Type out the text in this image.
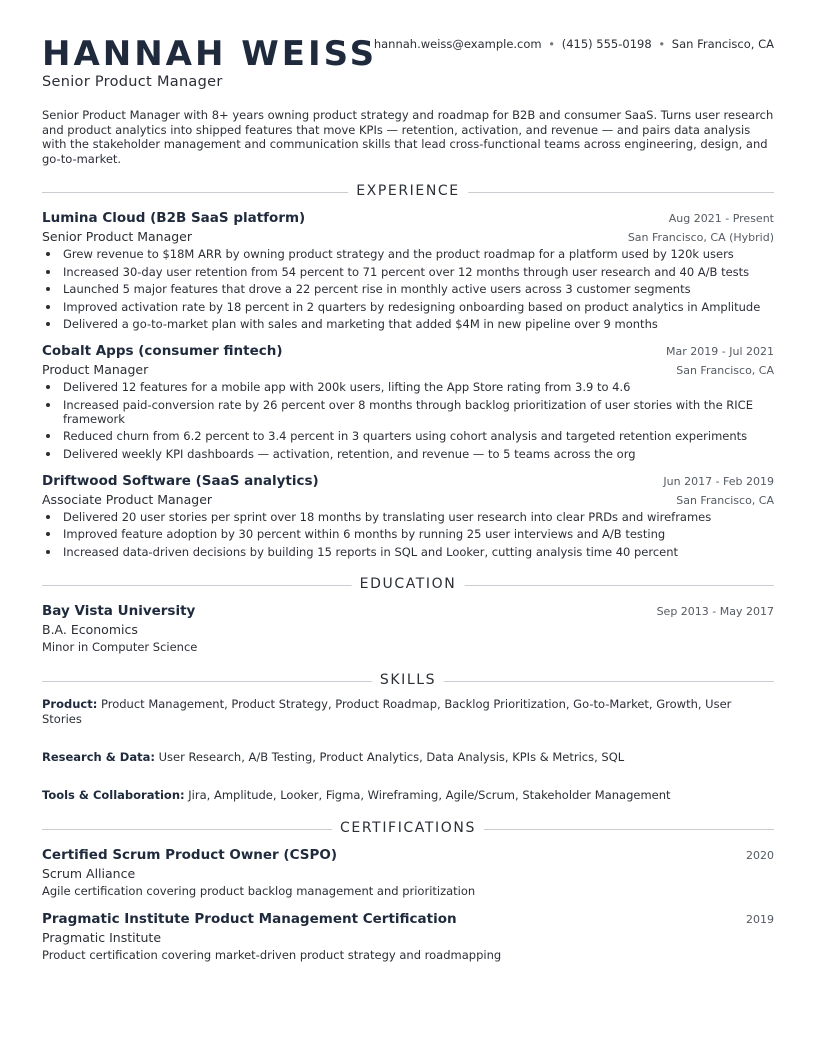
HANNAH WEISS
hannah.weiss@example.com • (415) 555-0198 • San Francisco, CA
Senior Product Manager

Senior Product Manager with 8+ years owning product strategy and roadmap for B2B and consumer SaaS. Turns user research and product analytics into shipped features that move KPIs — retention, activation, and revenue — and pairs data analysis with the stakeholder management and communication skills that lead cross-functional teams across engineering, design, and go-to-market.

EXPERIENCE
Lumina Cloud (B2B SaaS platform)	Aug 2021 - Present
Senior Product Manager	San Francisco, CA (Hybrid)
Grew revenue to $18M ARR by owning product strategy and the product roadmap for a platform used by 120k users
Increased 30-day user retention from 54 percent to 71 percent over 12 months through user research and 40 A/B tests
Launched 5 major features that drove a 22 percent rise in monthly active users across 3 customer segments
Improved activation rate by 18 percent in 2 quarters by redesigning onboarding based on product analytics in Amplitude
Delivered a go-to-market plan with sales and marketing that added $4M in new pipeline over 9 months
Cobalt Apps (consumer fintech)	Mar 2019 - Jul 2021
Product Manager	San Francisco, CA
Delivered 12 features for a mobile app with 200k users, lifting the App Store rating from 3.9 to 4.6
Increased paid-conversion rate by 26 percent over 8 months through backlog prioritization of user stories with the RICE framework
Reduced churn from 6.2 percent to 3.4 percent in 3 quarters using cohort analysis and targeted retention experiments
Delivered weekly KPI dashboards — activation, retention, and revenue — to 5 teams across the org
Driftwood Software (SaaS analytics)	Jun 2017 - Feb 2019
Associate Product Manager	San Francisco, CA
Delivered 20 user stories per sprint over 18 months by translating user research into clear PRDs and wireframes
Improved feature adoption by 30 percent within 6 months by running 25 user interviews and A/B testing
Increased data-driven decisions by building 15 reports in SQL and Looker, cutting analysis time 40 percent
EDUCATION
Bay Vista University	Sep 2013 - May 2017
B.A. Economics
Minor in Computer Science
SKILLS

Product: Product Management, Product Strategy, Product Roadmap, Backlog Prioritization, Go-to-Market, Growth, User Stories

Research & Data: User Research, A/B Testing, Product Analytics, Data Analysis, KPIs & Metrics, SQL

Tools & Collaboration: Jira, Amplitude, Looker, Figma, Wireframing, Agile/Scrum, Stakeholder Management

CERTIFICATIONS
Certified Scrum Product Owner (CSPO)	2020
Scrum Alliance
Agile certification covering product backlog management and prioritization
Pragmatic Institute Product Management Certification	2019
Pragmatic Institute
Product certification covering market-driven product strategy and roadmapping
